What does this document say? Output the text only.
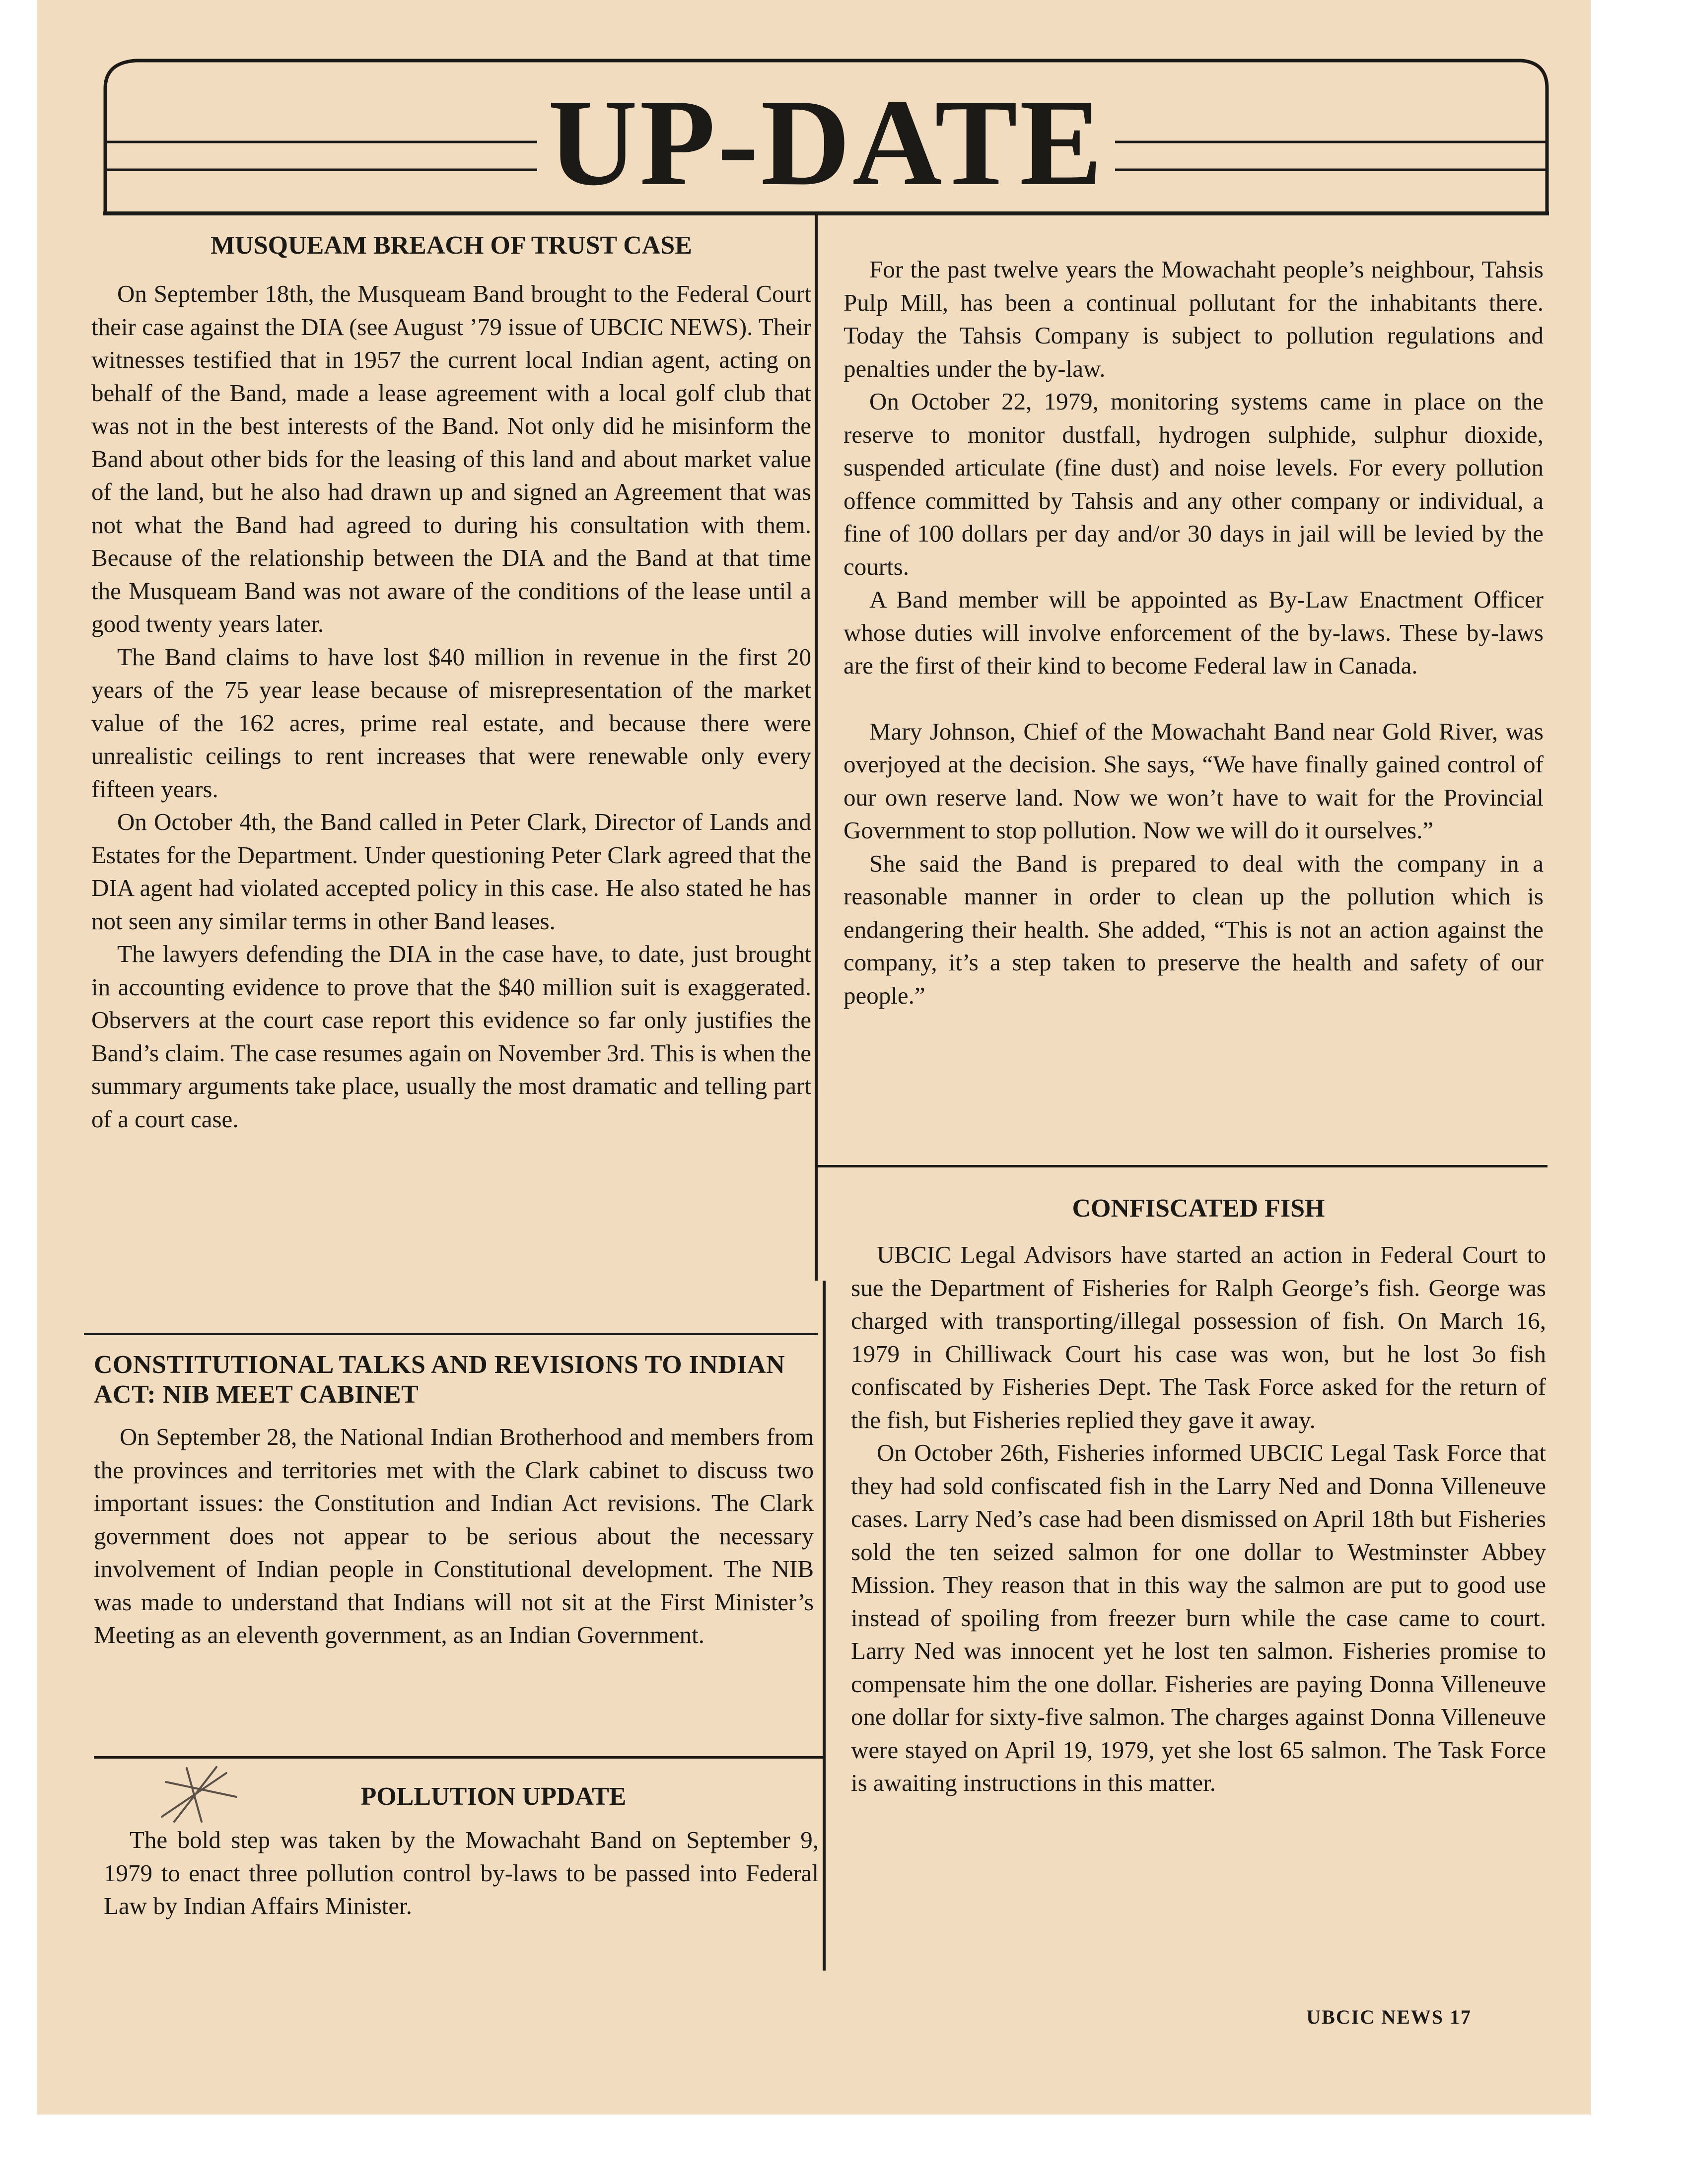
UP-DATE
MUSQUEAM BREACH OF TRUST CASE

On September 18th, the Musqueam Band brought to the Federal Court their case against the DIA (see August ’79 issue of UBCIC NEWS). Their witnesses testified that in 1957 the current local Indian agent, acting on behalf of the Band, made a lease agreement with a local golf club that was not in the best interests of the Band. Not only did he misinform the Band about other bids for the leasing of this land and about market value of the land, but he also had drawn up and signed an Agreement that was not what the Band had agreed to during his consultation with them. Because of the relationship between the DIA and the Band at that time the Musqueam Band was not aware of the conditions of the lease until a good twenty years later.

The Band claims to have lost $40 million in revenue in the first 20 years of the 75 year lease because of misrepresentation of the market value of the 162 acres, prime real estate, and because there were unrealistic ceilings to rent increases that were renewable only every fifteen years.

On October 4th, the Band called in Peter Clark, Director of Lands and Estates for the Department. Under questioning Peter Clark agreed that the DIA agent had violated accepted policy in this case. He also stated he has not seen any similar terms in other Band leases.

The lawyers defending the DIA in the case have, to date, just brought in accounting evidence to prove that the $40 million suit is exaggerated. Observers at the court case report this evidence so far only justifies the Band’s claim. The case resumes again on November 3rd. This is when the summary arguments take place, usually the most dramatic and telling part of a court case.

CONSTITUTIONAL TALKS AND REVISIONS TO INDIAN ACT: NIB MEET CABINET

On September 28, the National Indian Brotherhood and members from the provinces and territories met with the Clark cabinet to discuss two important issues: the Constitution and Indian Act revisions. The Clark government does not appear to be serious about the necessary involvement of Indian people in Constitutional development. The NIB was made to understand that Indians will not sit at the First Minister’s Meeting as an eleventh government, as an Indian Government.

POLLUTION UPDATE

The bold step was taken by the Mowachaht Band on September 9, 1979 to enact three pollution control by-laws to be passed into Federal Law by Indian Affairs Minister.

For the past twelve years the Mowachaht people’s neighbour, Tahsis Pulp Mill, has been a continual pollutant for the inhabitants there. Today the Tahsis Company is subject to pollution regulations and penalties under the by-law.

On October 22, 1979, monitoring systems came in place on the reserve to monitor dustfall, hydrogen sulphide, sulphur dioxide, suspended articulate (fine dust) and noise levels. For every pollution offence committed by Tahsis and any other company or individual, a fine of 100 dollars per day and/or 30 days in jail will be levied by the courts.

A Band member will be appointed as By-Law Enactment Officer whose duties will involve enforcement of the by-laws. These by-laws are the first of their kind to become Federal law in Canada.

Mary Johnson, Chief of the Mowachaht Band near Gold River, was overjoyed at the decision. She says, “We have finally gained control of our own reserve land. Now we won’t have to wait for the Provincial Government to stop pollution. Now we will do it ourselves.”

She said the Band is prepared to deal with the company in a reasonable manner in order to clean up the pollution which is endangering their health. She added, “This is not an action against the company, it’s a step taken to preserve the health and safety of our people.”

CONFISCATED FISH

UBCIC Legal Advisors have started an action in Federal Court to sue the Department of Fisheries for Ralph George’s fish. George was charged with transporting/illegal possession of fish. On March 16, 1979 in Chilliwack Court his case was won, but he lost 3o fish confiscated by Fisheries Dept. The Task Force asked for the return of the fish, but Fisheries replied they gave it away.

On October 26th, Fisheries informed UBCIC Legal Task Force that they had sold confiscated fish in the Larry Ned and Donna Villeneuve cases. Larry Ned’s case had been dismissed on April 18th but Fisheries sold the ten seized salmon for one dollar to Westminster Abbey Mission. They reason that in this way the salmon are put to good use instead of spoiling from freezer burn while the case came to court. Larry Ned was innocent yet he lost ten salmon. Fisheries promise to compensate him the one dollar. Fisheries are paying Donna Villeneuve one dollar for sixty-five salmon. The charges against Donna Villeneuve were stayed on April 19, 1979, yet she lost 65 salmon. The Task Force is awaiting instructions in this matter.

UBCIC NEWS 17
